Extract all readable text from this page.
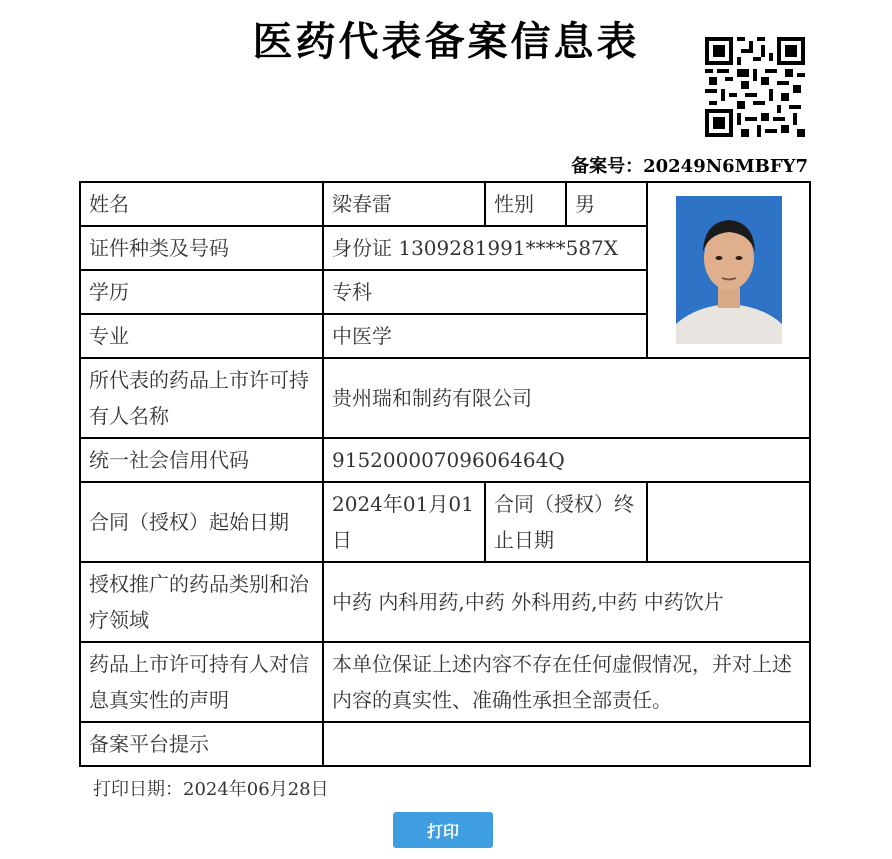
医药代表备案信息表
备案号：20249N6MBFY7
姓名	梁春雷	性别	男	

证件种类及号码	身份证 1309281991****587X			
学历	专科			
专业	中医学			
所代表的药品上市许可持有人名称	贵州瑞和制药有限公司			
统一社会信用代码	91520000709606464Q			
合同（授权）起始日期	2024年01月01日	合同（授权）终止日期		
授权推广的药品类别和治疗领域	中药 内科用药,中药 外科用药,中药 中药饮片			
药品上市许可持有人对信息真实性的声明	本单位保证上述内容不存在任何虚假情况，并对上述内容的真实性、准确性承担全部责任。			
备案平台提示				
打印日期：2024年06月28日
打印
